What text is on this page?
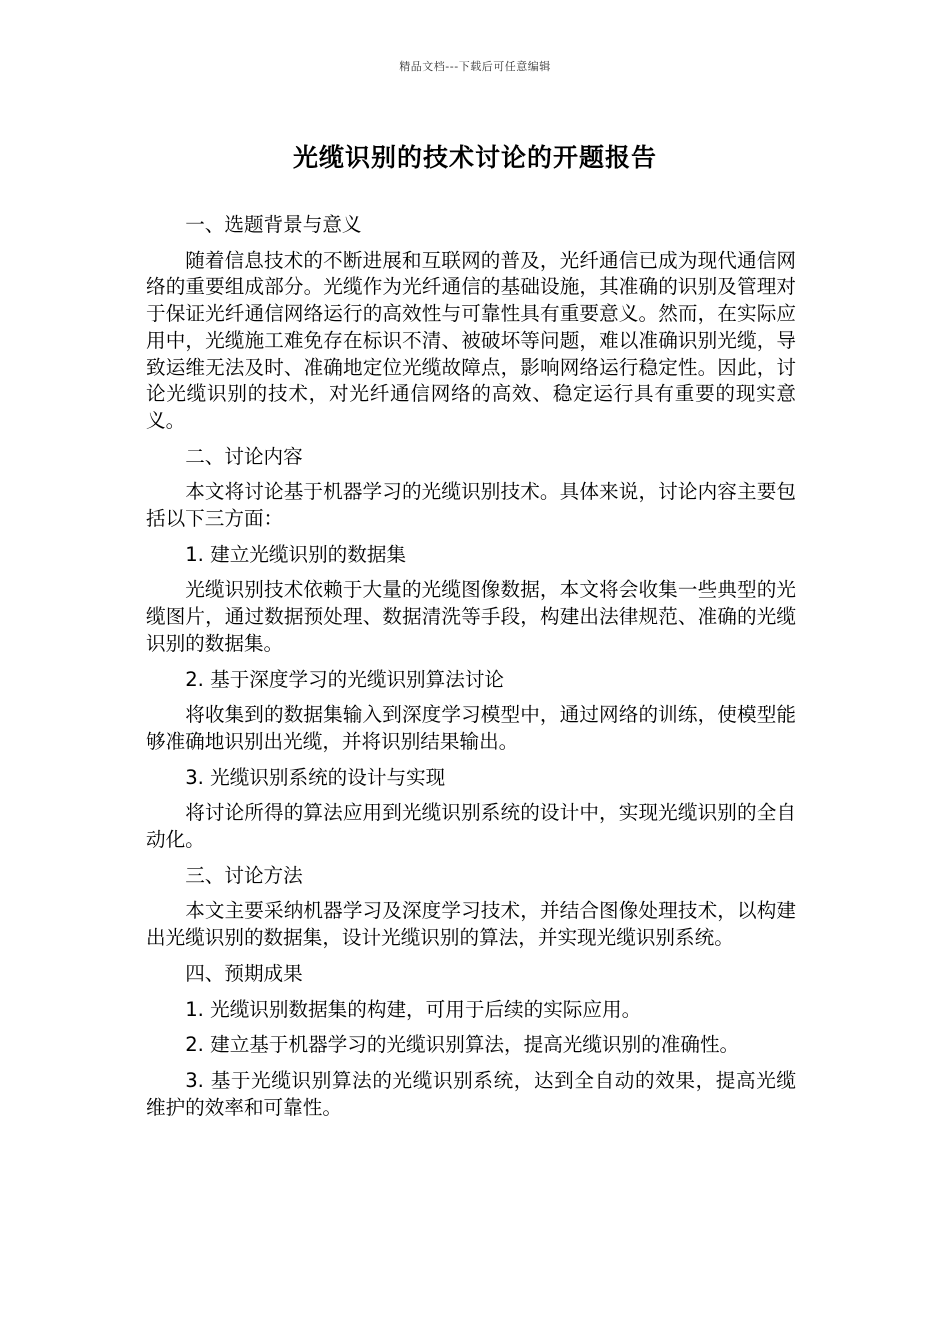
精品文档---下载后可任意编辑
光缆识别的技术讨论的开题报告

一、选题背景与意义

随着信息技术的不断进展和互联网的普及，光纤通信已成为现代通信网络的重要组成部分。光缆作为光纤通信的基础设施，其准确的识别及管理对于保证光纤通信网络运行的高效性与可靠性具有重要意义。然而，在实际应用中，光缆施工难免存在标识不清、被破坏等问题，难以准确识别光缆，导致运维无法及时、准确地定位光缆故障点，影响网络运行稳定性。因此，讨论光缆识别的技术，对光纤通信网络的高效、稳定运行具有重要的现实意义。

二、讨论内容

本文将讨论基于机器学习的光缆识别技术。具体来说，讨论内容主要包括以下三方面：

1. 建立光缆识别的数据集

光缆识别技术依赖于大量的光缆图像数据，本文将会收集一些典型的光缆图片，通过数据预处理、数据清洗等手段，构建出法律规范、准确的光缆识别的数据集。

2. 基于深度学习的光缆识别算法讨论

将收集到的数据集输入到深度学习模型中，通过网络的训练，使模型能够准确地识别出光缆，并将识别结果输出。

3. 光缆识别系统的设计与实现

将讨论所得的算法应用到光缆识别系统的设计中，实现光缆识别的全自动化。

三、讨论方法

本文主要采纳机器学习及深度学习技术，并结合图像处理技术，以构建出光缆识别的数据集，设计光缆识别的算法，并实现光缆识别系统。

四、预期成果

1. 光缆识别数据集的构建，可用于后续的实际应用。

2. 建立基于机器学习的光缆识别算法，提高光缆识别的准确性。

3. 基于光缆识别算法的光缆识别系统，达到全自动的效果，提高光缆维护的效率和可靠性。
